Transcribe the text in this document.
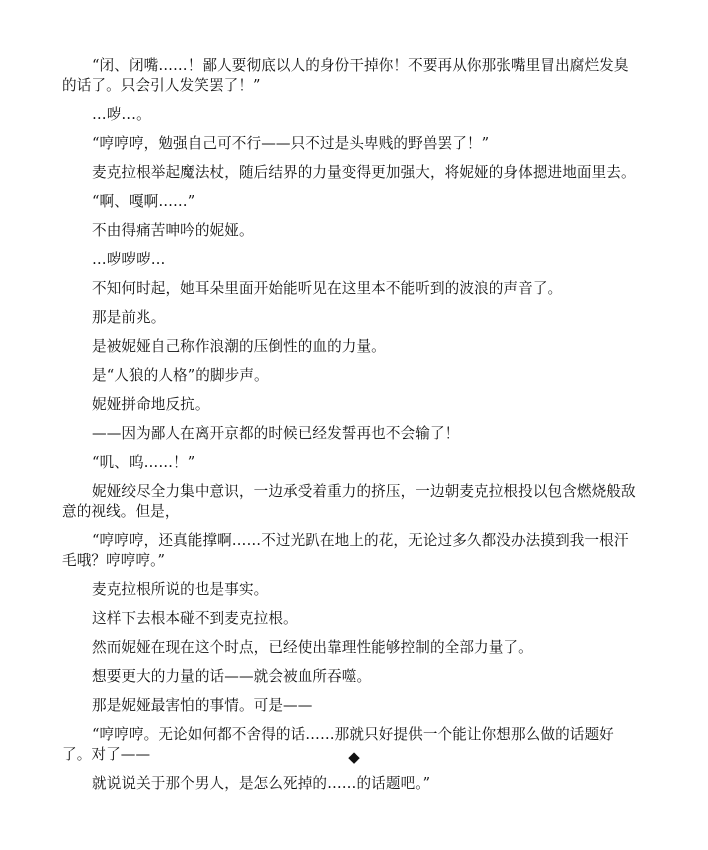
“闭、闭嘴……！鄙人要彻底以人的身份干掉你！不要再从你那张嘴里冒出腐烂发臭的话了。只会引人发笑罢了！”

…哕…。

“哼哼哼，勉强自己可不行——只不过是头卑贱的野兽罢了！”

麦克拉根举起魔法杖，随后结界的力量变得更加强大，将妮娅的身体摁进地面里去。

“啊、嘎啊……”

不由得痛苦呻吟的妮娅。

…哕哕哕…

不知何时起，她耳朵里面开始能听见在这里本不能听到的波浪的声音了。

那是前兆。

是被妮娅自己称作浪潮的压倒性的血的力量。

是“人狼的人格”的脚步声。

妮娅拼命地反抗。

——因为鄙人在离开京都的时候已经发誓再也不会输了！

“叽、呜……！”

妮娅绞尽全力集中意识，一边承受着重力的挤压，一边朝麦克拉根投以包含燃烧般敌意的视线。但是，

“哼哼哼，还真能撑啊……不过光趴在地上的花，无论过多久都没办法摸到我一根汗毛哦？哼哼哼。”

麦克拉根所说的也是事实。

这样下去根本碰不到麦克拉根。

然而妮娅在现在这个时点，已经使出靠理性能够控制的全部力量了。

想要更大的力量的话——就会被血所吞噬。

那是妮娅最害怕的事情。可是——

“哼哼哼。无论如何都不舍得的话……那就只好提供一个能让你想那么做的话题好了。对了——

就说说关于那个男人，是怎么死掉的……的话题吧。”

◆
